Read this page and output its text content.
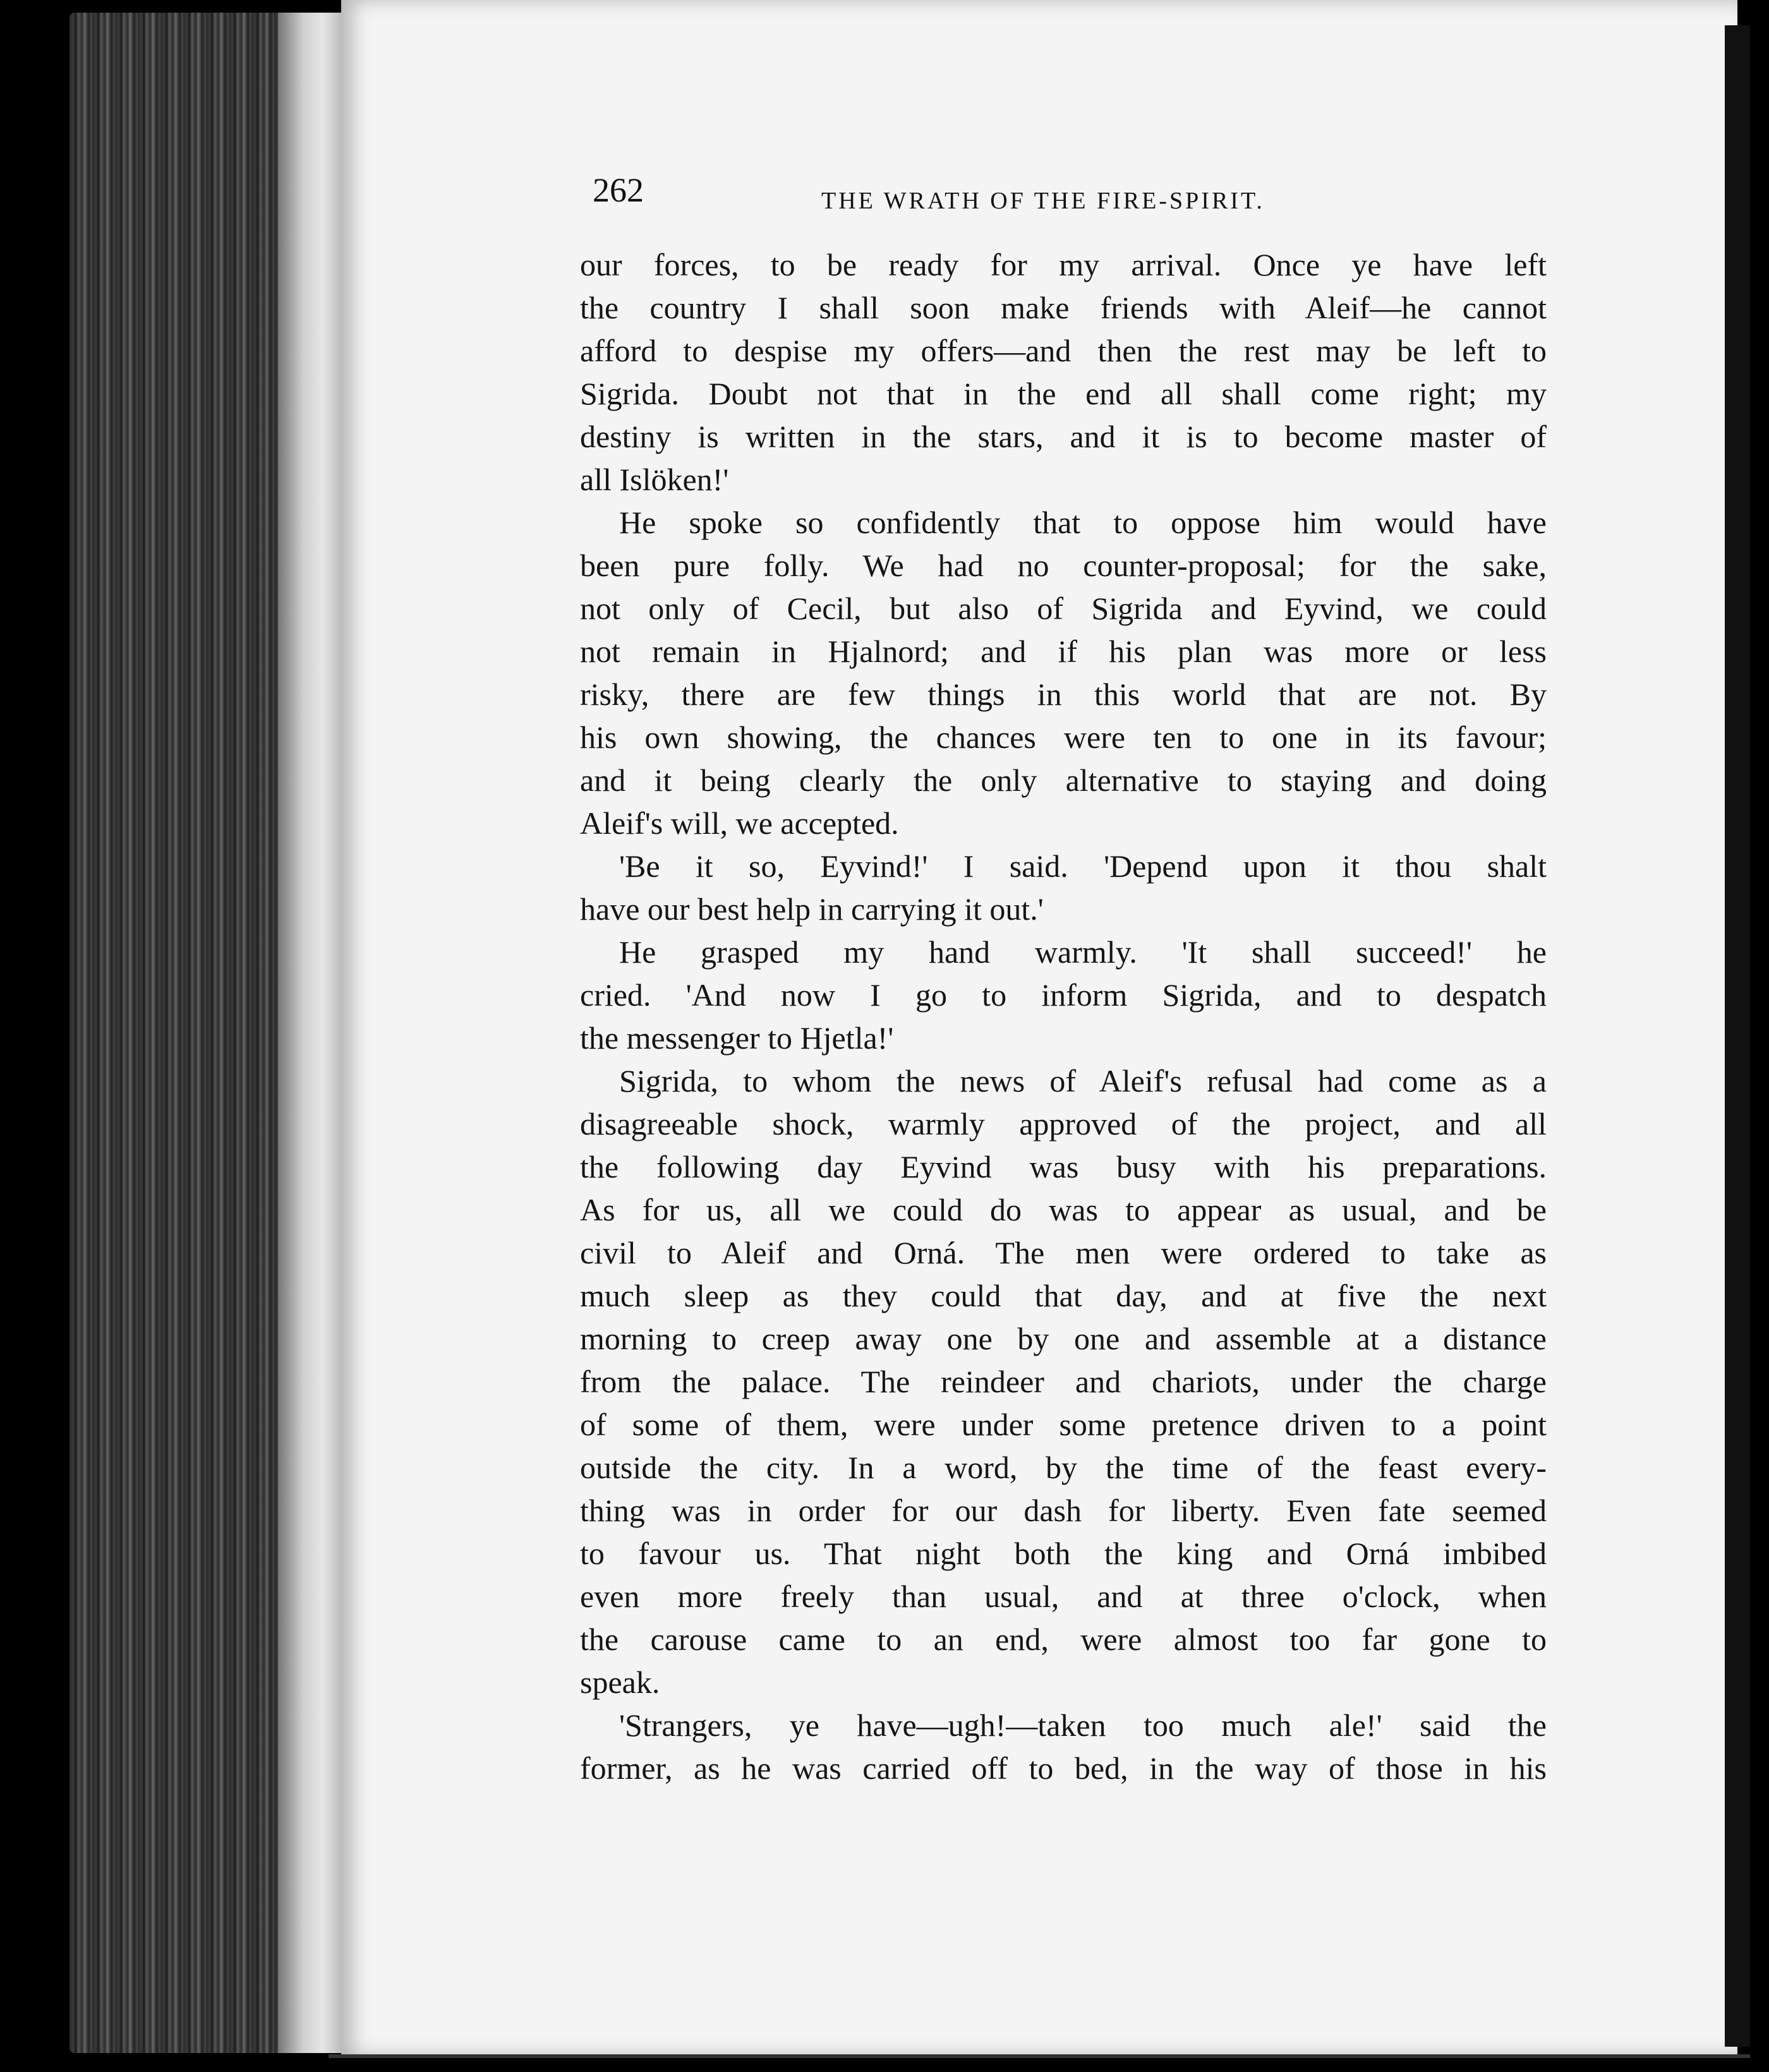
262	THE WRATH OF THE FIRE-SPIRIT.
our forces, to be ready for my arrival. Once ye have left
the country I shall soon make friends with Aleif—he cannot
afford to despise my offers—and then the rest may be left to
Sigrida. Doubt not that in the end all shall come right; my
destiny is written in the stars, and it is to become master of
all Islöken!'
He spoke so confidently that to oppose him would have
been pure folly. We had no counter-proposal; for the sake,
not only of Cecil, but also of Sigrida and Eyvind, we could
not remain in Hjalnord; and if his plan was more or less
risky, there are few things in this world that are not. By
his own showing, the chances were ten to one in its favour;
and it being clearly the only alternative to staying and doing
Aleif's will, we accepted.
'Be it so, Eyvind!' I said. 'Depend upon it thou shalt
have our best help in carrying it out.'
He grasped my hand warmly. 'It shall succeed!' he
cried. 'And now I go to inform Sigrida, and to despatch
the messenger to Hjetla!'
Sigrida, to whom the news of Aleif's refusal had come as a
disagreeable shock, warmly approved of the project, and all
the following day Eyvind was busy with his preparations.
As for us, all we could do was to appear as usual, and be
civil to Aleif and Orná. The men were ordered to take as
much sleep as they could that day, and at five the next
morning to creep away one by one and assemble at a distance
from the palace. The reindeer and chariots, under the charge
of some of them, were under some pretence driven to a point
outside the city. In a word, by the time of the feast every-
thing was in order for our dash for liberty. Even fate seemed
to favour us. That night both the king and Orná imbibed
even more freely than usual, and at three o'clock, when
the carouse came to an end, were almost too far gone to
speak.
'Strangers, ye have—ugh!—taken too much ale!' said the
former, as he was carried off to bed, in the way of those in his
